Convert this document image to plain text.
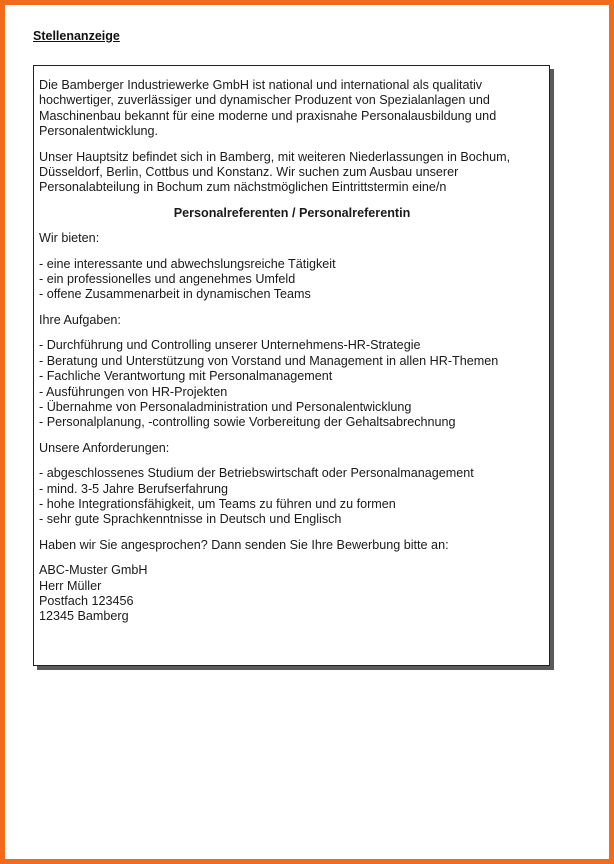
Stellenanzeige

Die Bamberger Industriewerke GmbH ist national und international als qualitativ hochwertiger, zuverlässiger und dynamischer Produzent von Spezialanlagen und Maschinenbau bekannt für eine moderne und praxisnahe Personalausbildung und Personalentwicklung.

Unser Hauptsitz befindet sich in Bamberg, mit weiteren Niederlassungen in Bochum, Düsseldorf, Berlin, Cottbus und Konstanz. Wir suchen zum Ausbau unserer Personalabteilung in Bochum zum nächstmöglichen Eintrittstermin eine/n

Personalreferenten / Personalreferentin

Wir bieten:

- eine interessante und abwechslungsreiche Tätigkeit
- ein professionelles und angenehmes Umfeld
- offene Zusammenarbeit in dynamischen Teams

Ihre Aufgaben:

- Durchführung und Controlling unserer Unternehmens-HR-Strategie
- Beratung und Unterstützung von Vorstand und Management in allen HR-Themen
- Fachliche Verantwortung mit Personalmanagement
- Ausführungen von HR-Projekten
- Übernahme von Personaladministration und Personalentwicklung
- Personalplanung, -controlling sowie Vorbereitung der Gehaltsabrechnung

Unsere Anforderungen:

- abgeschlossenes Studium der Betriebswirtschaft oder Personalmanagement
- mind. 3-5 Jahre Berufserfahrung
- hohe Integrationsfähigkeit, um Teams zu führen und zu formen
- sehr gute Sprachkenntnisse in Deutsch und Englisch

Haben wir Sie angesprochen? Dann senden Sie Ihre Bewerbung bitte an:

ABC-Muster GmbH
Herr Müller
Postfach 123456
12345 Bamberg
